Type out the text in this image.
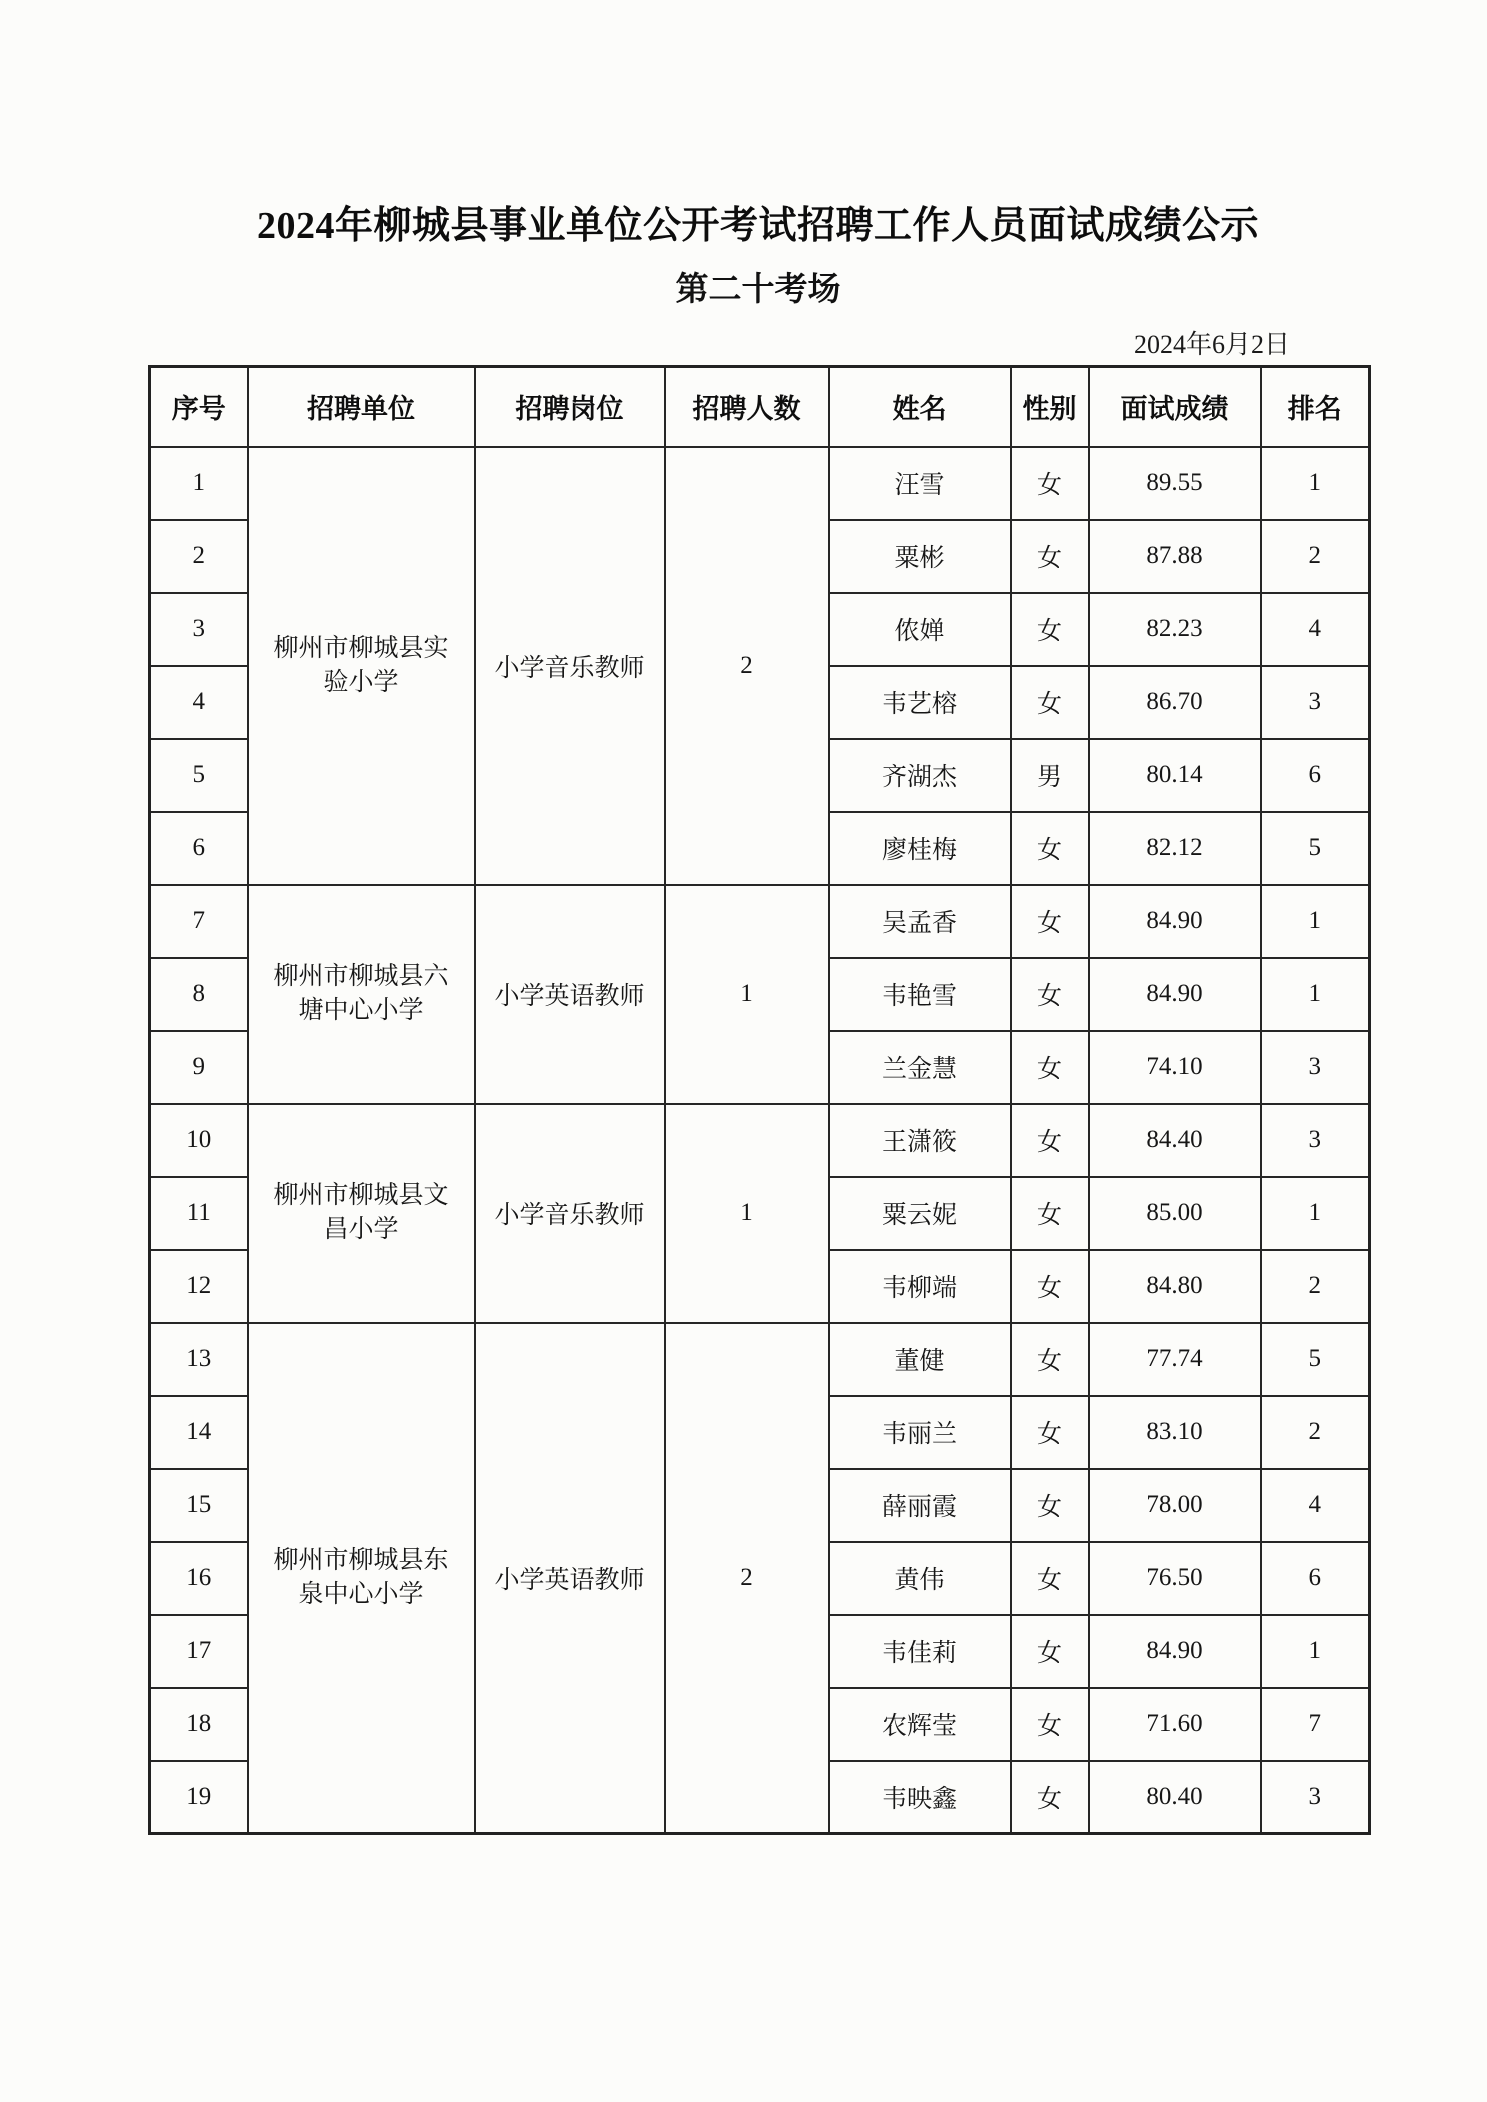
2024年柳城县事业单位公开考试招聘工作人员面试成绩公示
第二十考场
2024年6月2日
序号	招聘单位	招聘岗位	招聘人数	姓名	性别	面试成绩	排名
1	柳州市柳城县实验小学	小学音乐教师	2	汪雪	女	89.55	1
2				粟彬	女	87.88	2
3				侬婵	女	82.23	4
4				韦艺榕	女	86.70	3
5				齐湖杰	男	80.14	6
6				廖桂梅	女	82.12	5
7	柳州市柳城县六塘中心小学	小学英语教师	1	吴孟香	女	84.90	1
8				韦艳雪	女	84.90	1
9				兰金慧	女	74.10	3
10	柳州市柳城县文昌小学	小学音乐教师	1	王潇筱	女	84.40	3
11				粟云妮	女	85.00	1
12				韦柳端	女	84.80	2
13	柳州市柳城县东泉中心小学	小学英语教师	2	董健	女	77.74	5
14				韦丽兰	女	83.10	2
15				薛丽霞	女	78.00	4
16				黄伟	女	76.50	6
17				韦佳莉	女	84.90	1
18				农辉莹	女	71.60	7
19				韦映鑫	女	80.40	3
